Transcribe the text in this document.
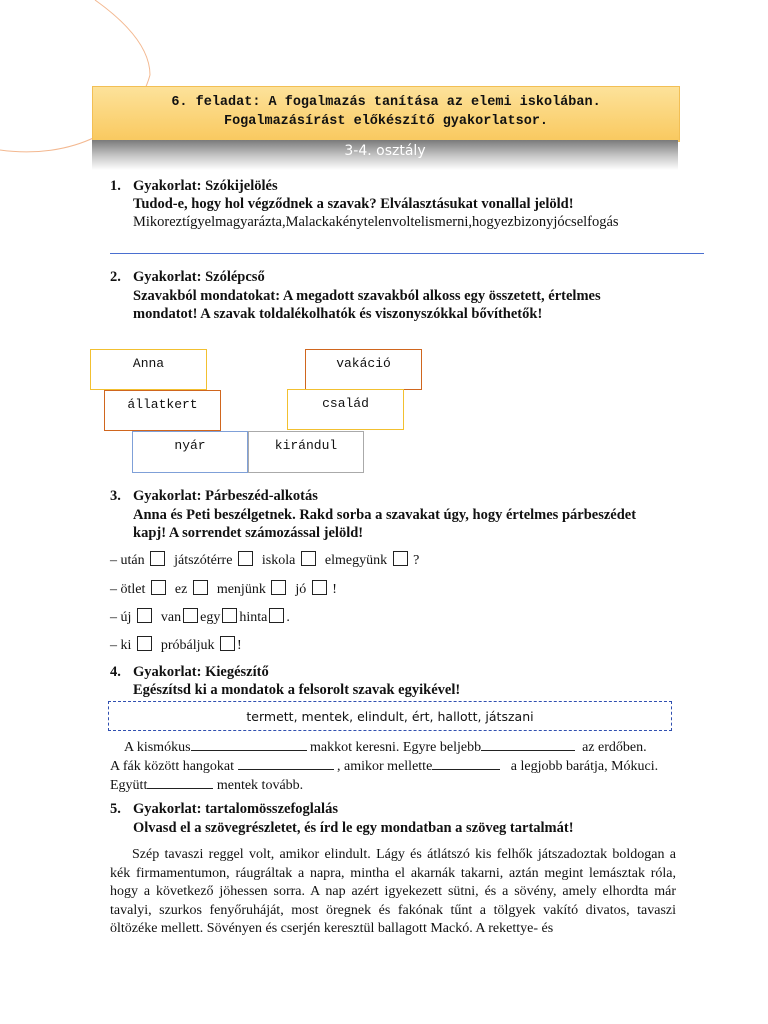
6. feladat: A fogalmazás tanítása az elemi iskolában.
Fogalmazásírást előkészítő gyakorlatsor.
3-4. osztály
1. Gyakorlat: Szókijelölés
Tudod-e, hogy hol végződnek a szavak? Elválasztásukat vonallal jelöld!
Mikoreztígyelmagyarázta,Malackakénytelenvoltelismerni,hogyezbizonyjócselfogás
2. Gyakorlat: Szólépcső
Szavakból mondatokat: A megadott szavakból alkoss egy összetett, értelmes
mondatot! A szavak toldalékolhatók és viszonyszókkal bővíthetők!
Anna	vakáció
állatkert	család
nyár	kirándul
3. Gyakorlat: Párbeszéd-alkotás
Anna és Peti beszélgetnek. Rakd sorba a szavakat úgy, hogy értelmes párbeszédet
kapj! A sorrendet számozással jelöld!
– után játszótérre iskola elmegyünk ?
– ötlet ez menjünk jó !
– új van egy hinta .
– ki próbáljuk !
4. Gyakorlat: Kiegészítő
Egészítsd ki a mondatok a felsorolt szavak egyikével!
termett, mentek, elindult, ért, hallott, játszani
A kismókus	makkot keresni. Egyre beljebb	az erdőben.
A fák között hangokat	, amikor mellette	a legjobb barátja, Mókuci.
Együtt	mentek tovább.
5. Gyakorlat: tartalomösszefoglalás
Olvasd el a szövegrészletet, és írd le egy mondatban a szöveg tartalmát!
Szép tavaszi reggel volt, amikor elindult. Lágy és átlátszó kis felhők játszadoztak boldogan a kék firmamentumon, ráugráltak a napra, mintha el akarnák takarni, aztán megint lemásztak róla, hogy a következő jöhessen sorra. A nap azért igyekezett sütni, és a sövény, amely elhordta már tavalyi, szurkos fenyőruháját, most öregnek és fakónak tűnt a tölgyek vakító divatos, tavaszi öltözéke mellett. Sövényen és cserjén keresztül ballagott Mackó. A rekettye- és
